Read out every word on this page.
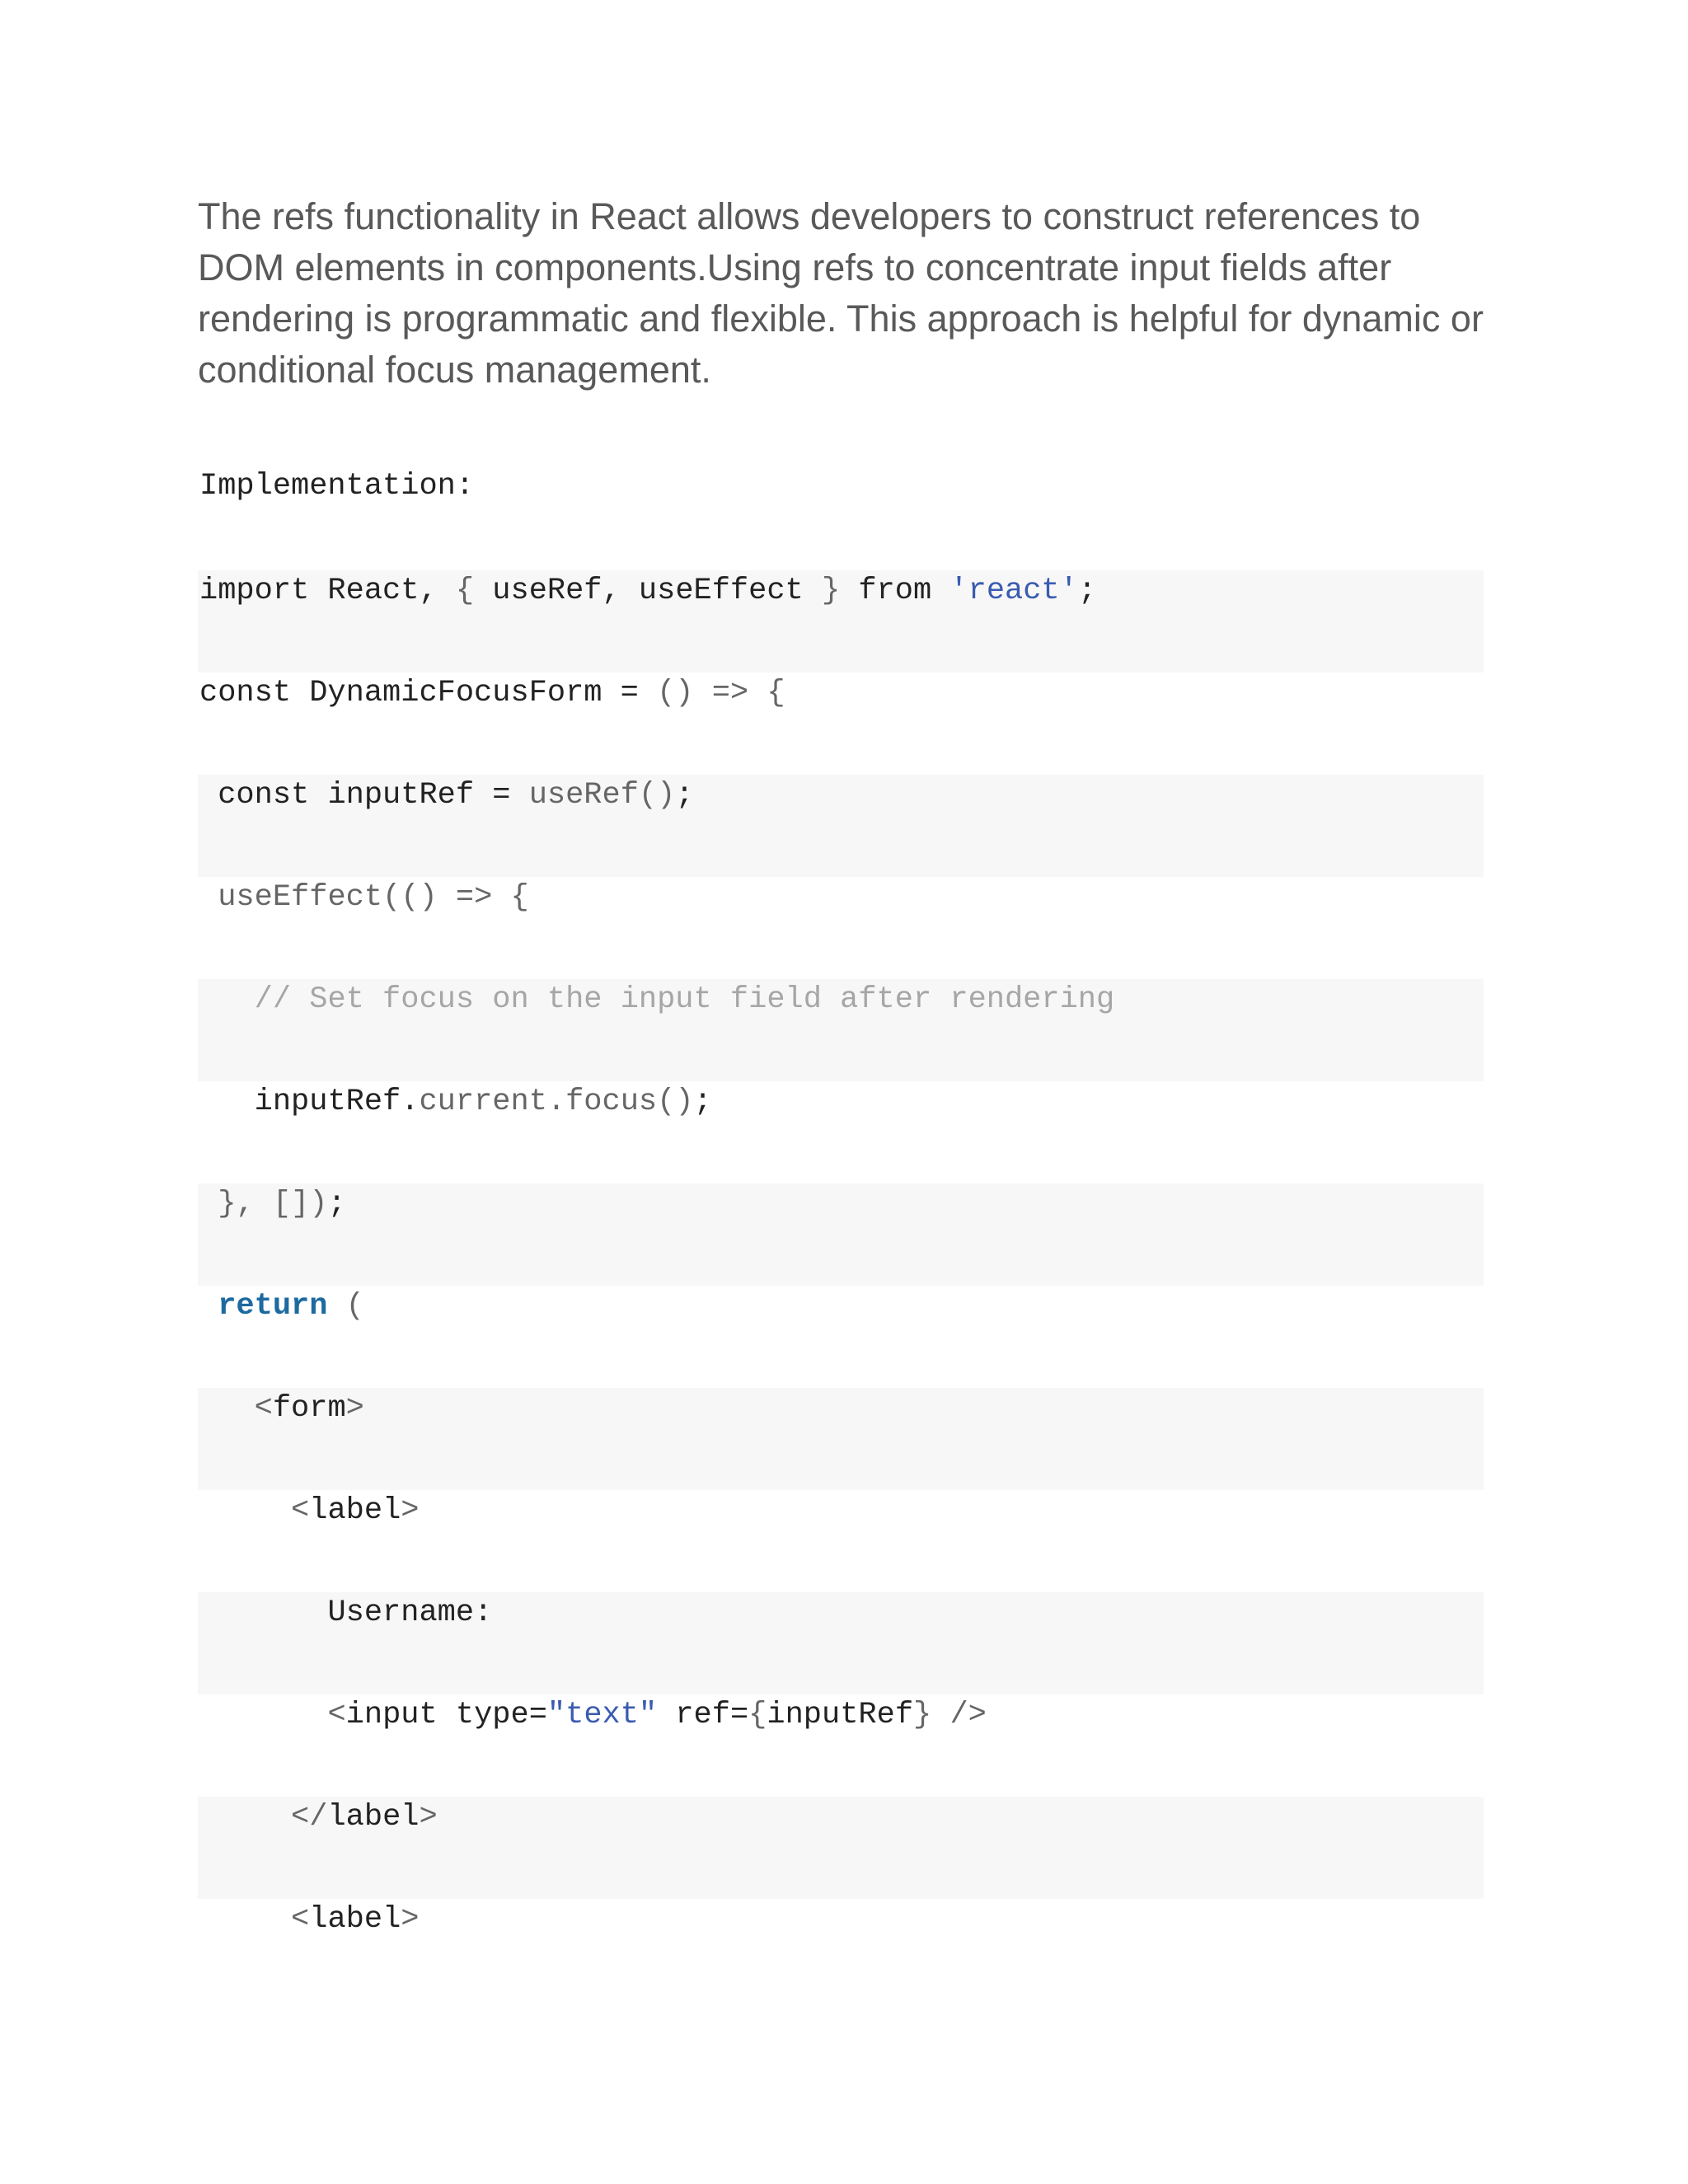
The refs functionality in React allows developers to construct references to DOM elements in components.Using refs to concentrate input fields after rendering is programmatic and flexible. This approach is helpful for dynamic or conditional focus management.

Implementation:
import React, { useRef, useEffect } from 'react';
const DynamicFocusForm = () => {
const inputRef = useRef();
useEffect(() => {
// Set focus on the input field after rendering
inputRef.current.focus();
}, []);
return (
<form>
<label>
Username:
<input type="text" ref={inputRef} />
</label>
<label>
